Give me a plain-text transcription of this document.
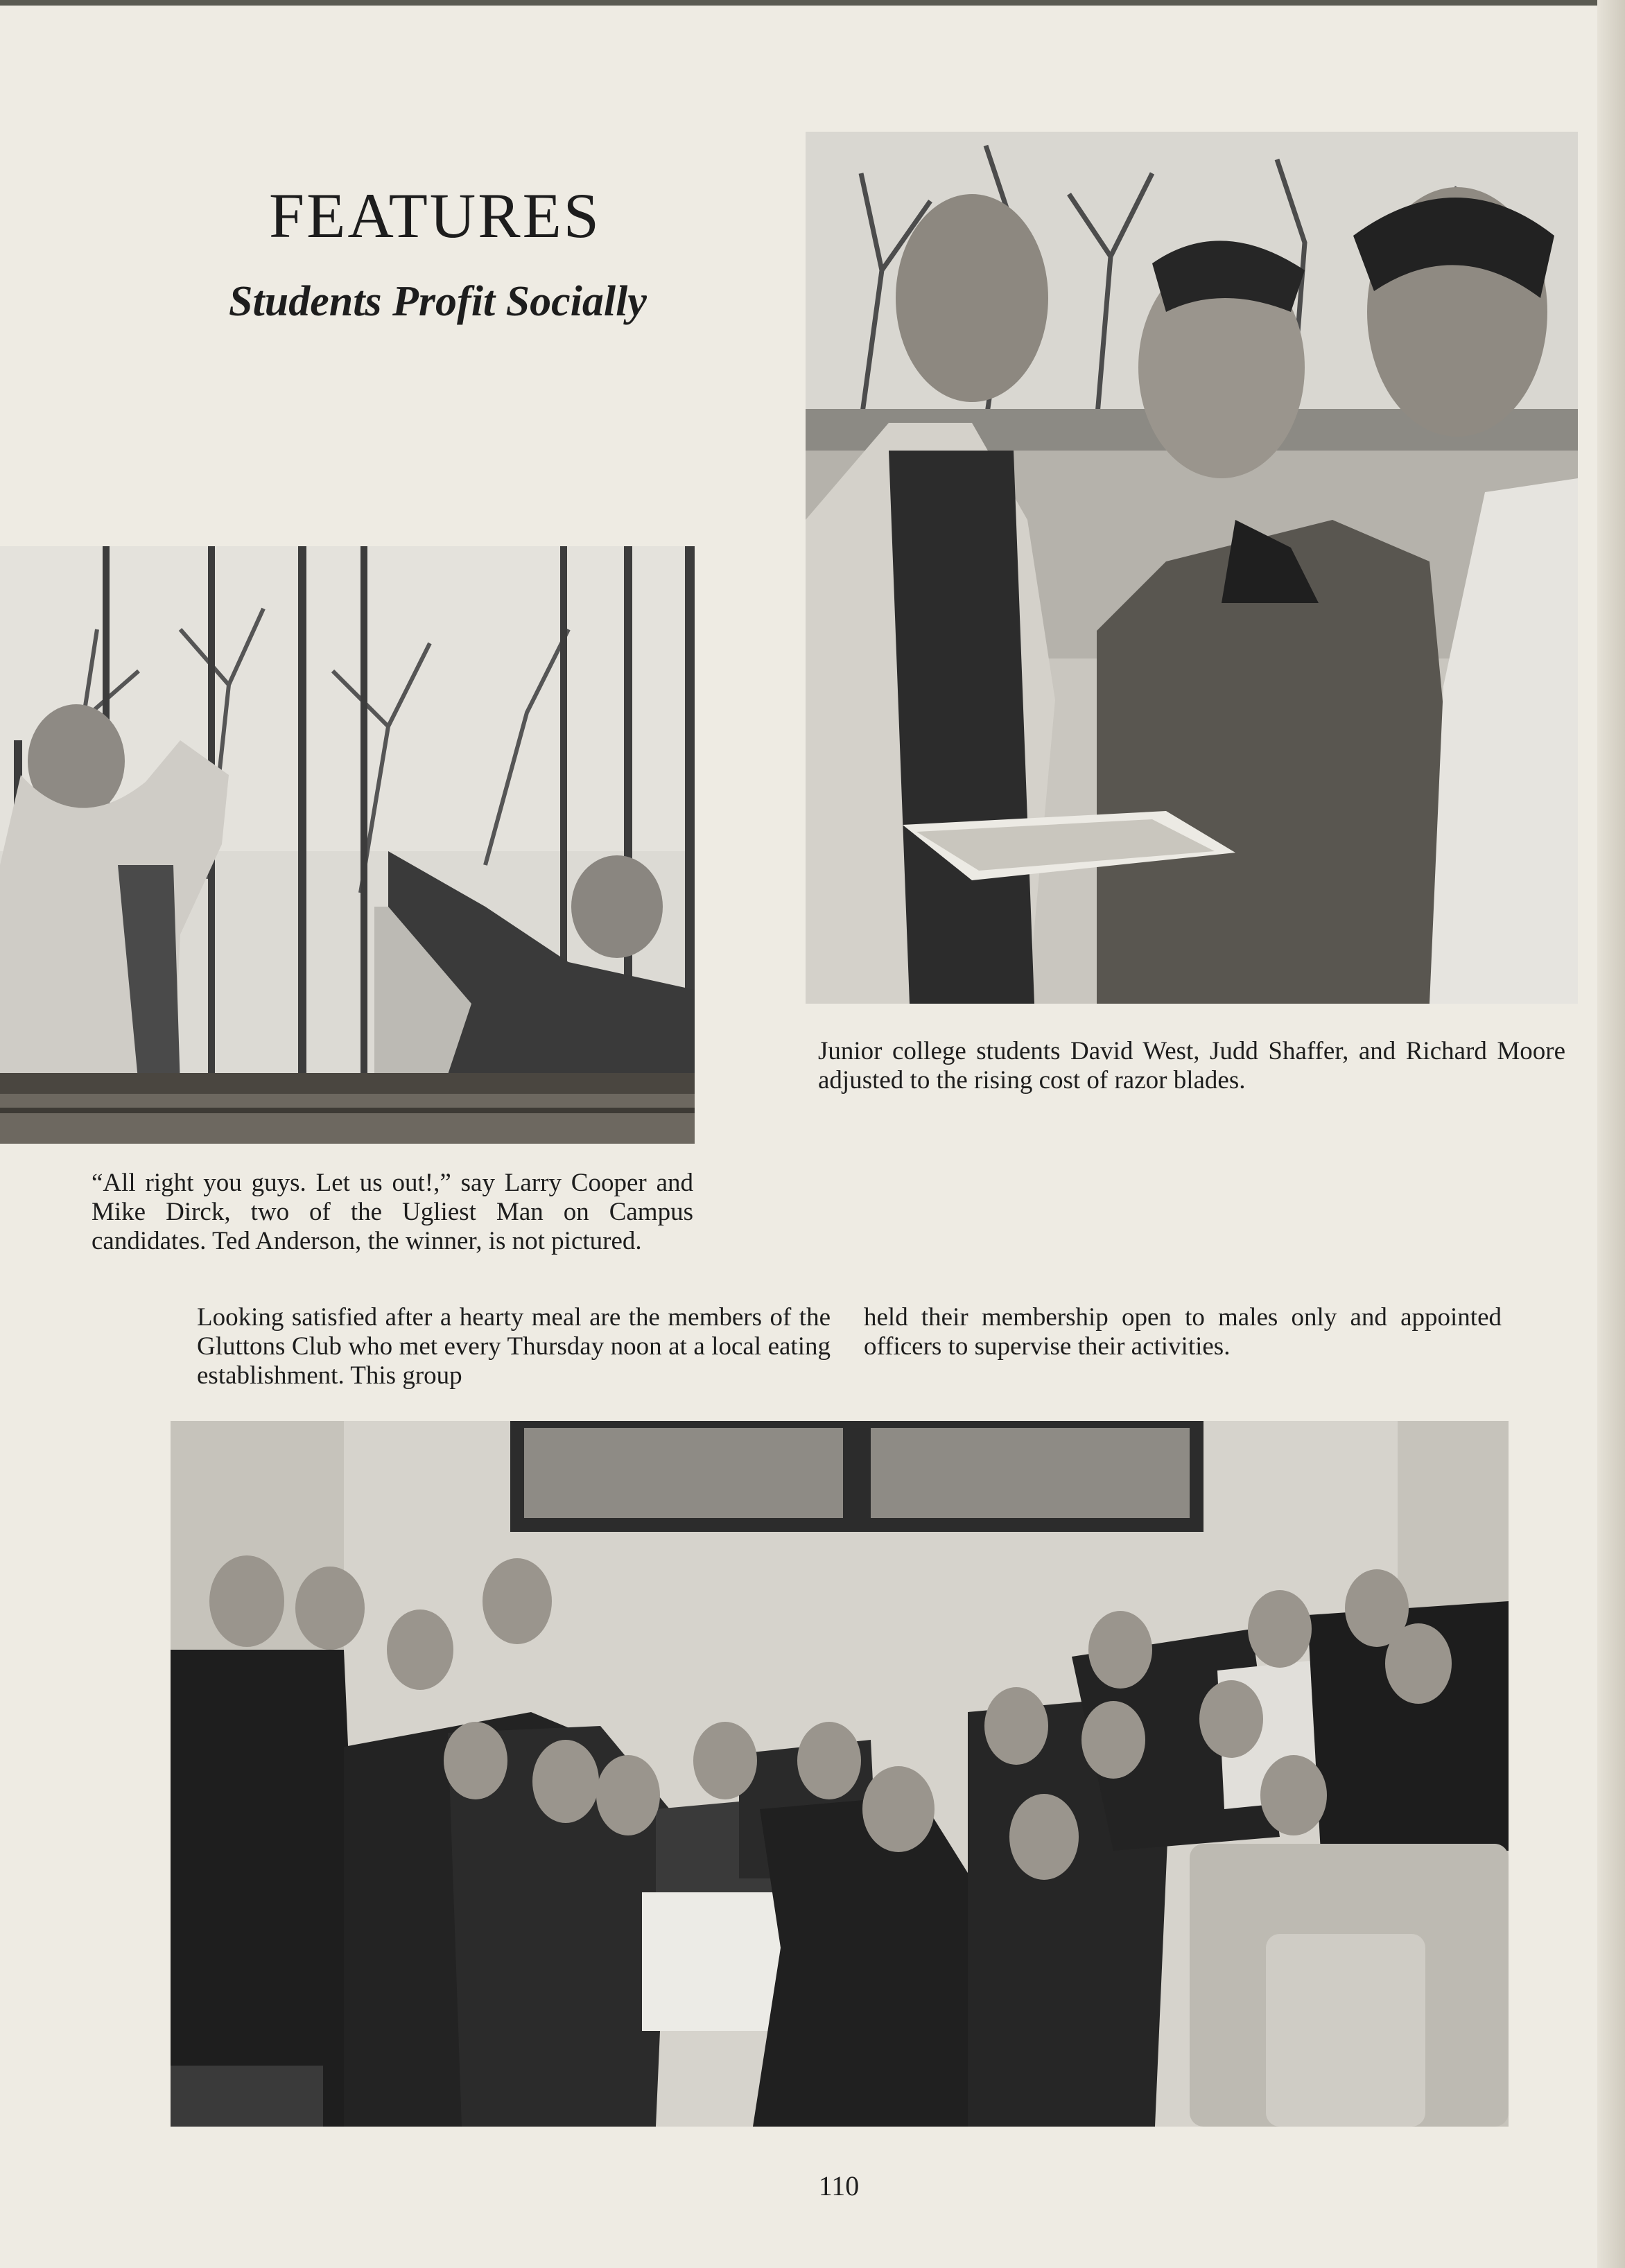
FEATURES
Students Profit Socially

Junior college students David West, Judd Shaffer, and Richard Moore adjusted to the rising cost of razor blades.

“All right you guys. Let us out!,” say Larry Cooper and Mike Dirck, two of the Ugliest Man on Campus candidates. Ted Anderson, the winner, is not pictured.

Looking satisfied after a hearty meal are the members of the Gluttons Club who met every Thursday noon at a local eating establishment. This group

held their membership open to males only and appointed officers to supervise their activities.

110
